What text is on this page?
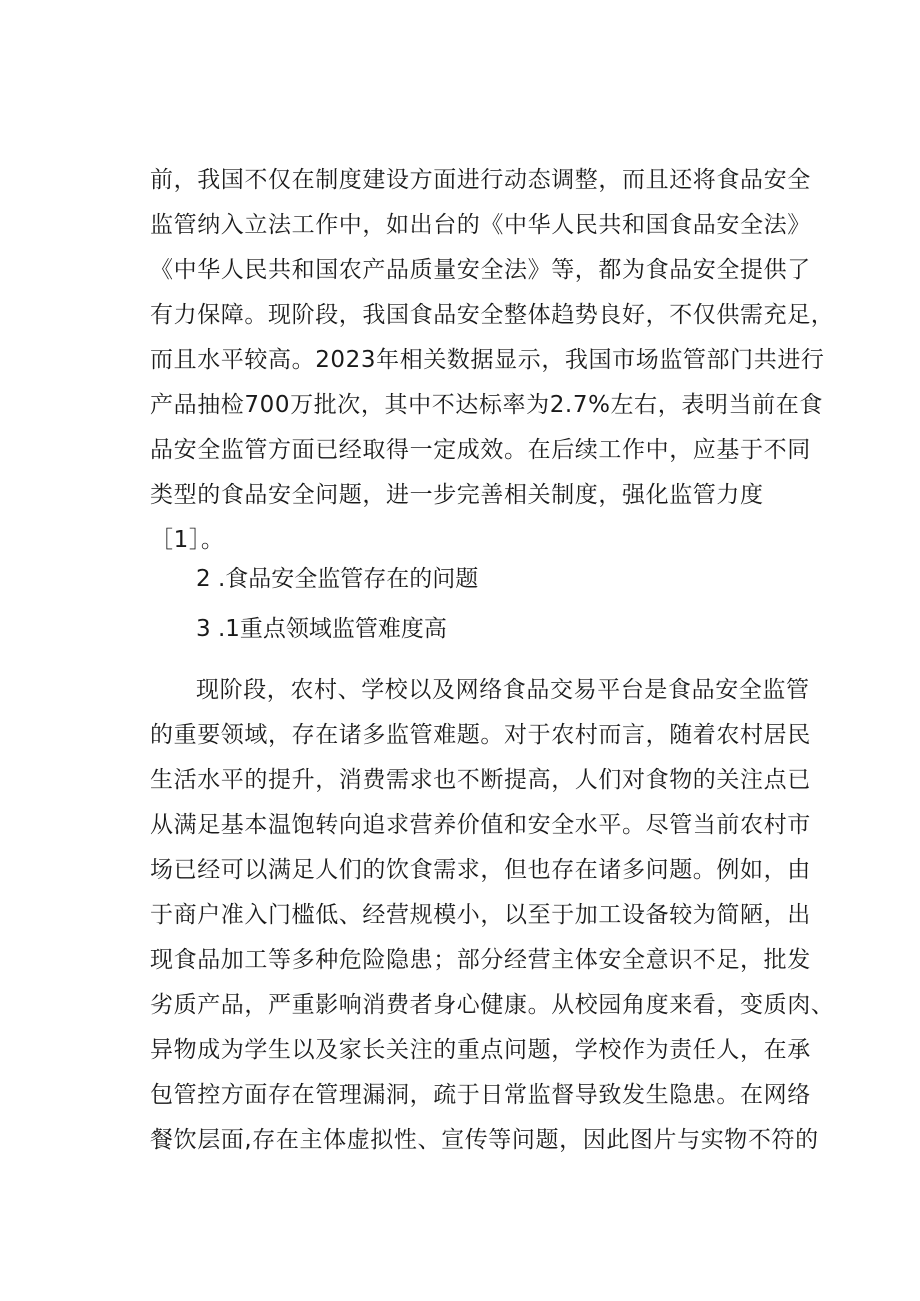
前，我国不仅在制度建设方面进行动态调整，而且还将食品安全
监管纳入立法工作中，如出台的《中华人民共和国食品安全法》
《中华人民共和国农产品质量安全法》等，都为食品安全提供了
有力保障。现阶段，我国食品安全整体趋势良好，不仅供需充足，
而且水平较高。2023年相关数据显示，我国市场监管部门共进行
产品抽检700万批次，其中不达标率为2.7%左右，表明当前在食
品安全监管方面已经取得一定成效。在后续工作中，应基于不同
类型的食品安全问题，进一步完善相关制度，强化监管力度
［1］。
2 .食品安全监管存在的问题
3 .1重点领域监管难度高
现阶段，农村、学校以及网络食品交易平台是食品安全监管
的重要领域，存在诸多监管难题。对于农村而言，随着农村居民
生活水平的提升，消费需求也不断提高，人们对食物的关注点已
从满足基本温饱转向追求营养价值和安全水平。尽管当前农村市
场已经可以满足人们的饮食需求，但也存在诸多问题。例如，由
于商户准入门槛低、经营规模小，以至于加工设备较为简陋，出
现食品加工等多种危险隐患；部分经营主体安全意识不足，批发
劣质产品，严重影响消费者身心健康。从校园角度来看，变质肉、
异物成为学生以及家长关注的重点问题，学校作为责任人，在承
包管控方面存在管理漏洞，疏于日常监督导致发生隐患。在网络
餐饮层面,存在主体虚拟性、宣传等问题，因此图片与实物不符的
